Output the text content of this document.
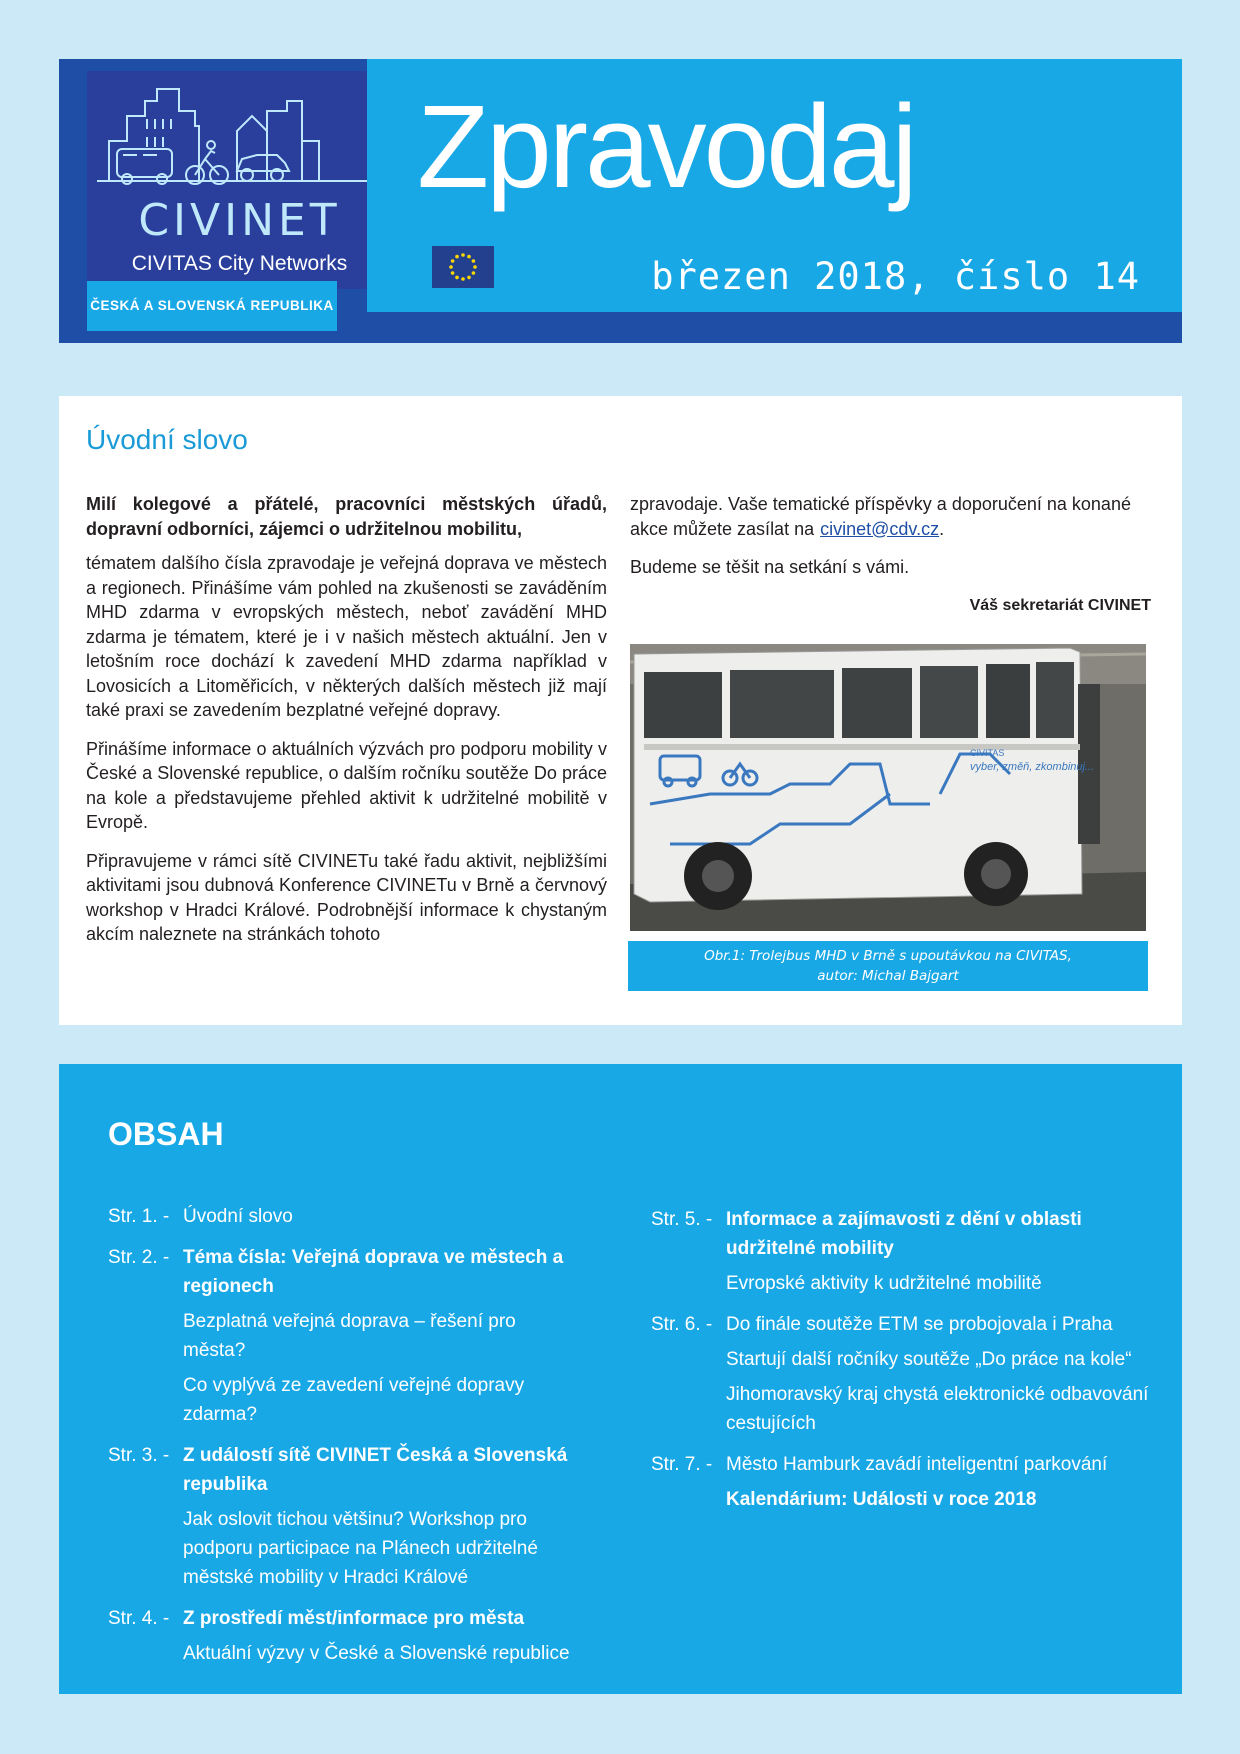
CIVINET
CIVITAS City Networks
ČESKÁ A SLOVENSKÁ REPUBLIKA
Zpravodaj
březen 2018, číslo 14
Úvodní slovo

Milí kolegové a přátelé, pracovníci městských úřadů, dopravní odborníci, zájemci o udržitelnou mobilitu,

tématem dalšího čísla zpravodaje je veřejná doprava ve městech a regionech. Přinášíme vám pohled na zkušenosti se zaváděním MHD zdarma v evropských městech, neboť zavádění MHD zdarma je tématem, které je i v našich městech aktuální. Jen v letošním roce dochází k zavedení MHD zdarma například v Lovosicích a Litoměřicích, v některých dalších městech již mají také praxi se zavedením bezplatné veřejné dopravy.

Přinášíme informace o aktuálních výzvách pro podporu mobility v České a Slovenské republice, o dalším ročníku soutěže Do práce na kole a představujeme přehled aktivit k udržitelné mobilitě v Evropě.

Připravujeme v rámci sítě CIVINETu také řadu aktivit, nejbližšími aktivitami jsou dubnová Konference CIVINETu v Brně a červnový workshop v Hradci Králové. Podrobnější informace k chystaným akcím naleznete na stránkách tohoto

zpravodaje. Vaše tematické příspěvky a doporučení na konané akce můžete zasílat na civinet@cdv.cz.

Budeme se těšit na setkání s vámi.

Váš sekretariát CIVINET

vyber, změň, zkombinuj...
CIVITAS
Obr.1: Trolejbus MHD v Brně s upoutávkou na CIVITAS,
autor: Michal Bajgart
OBSAH
Str. 1. - Úvodní slovo
Str. 2. - Téma čísla: Veřejná doprava ve městech a regionech
Bezplatná veřejná doprava – řešení pro města?
Co vyplývá ze zavedení veřejné dopravy zdarma?
Str. 3. - Z událostí sítě CIVINET Česká a Slovenská republika
Jak oslovit tichou většinu? Workshop pro podporu participace na Plánech udržitelné městské mobility v Hradci Králové
Str. 4. - Z prostředí měst/informace pro města
Aktuální výzvy v České a Slovenské republice
Str. 5. - Informace a zajímavosti z dění v oblasti udržitelné mobility
Evropské aktivity k udržitelné mobilitě
Str. 6. - Do finále soutěže ETM se probojovala i Praha
Startují další ročníky soutěže „Do práce na kole“
Jihomoravský kraj chystá elektronické odbavování cestujících
Str. 7. - Město Hamburk zavádí inteligentní parkování
Kalendárium: Události v roce 2018
